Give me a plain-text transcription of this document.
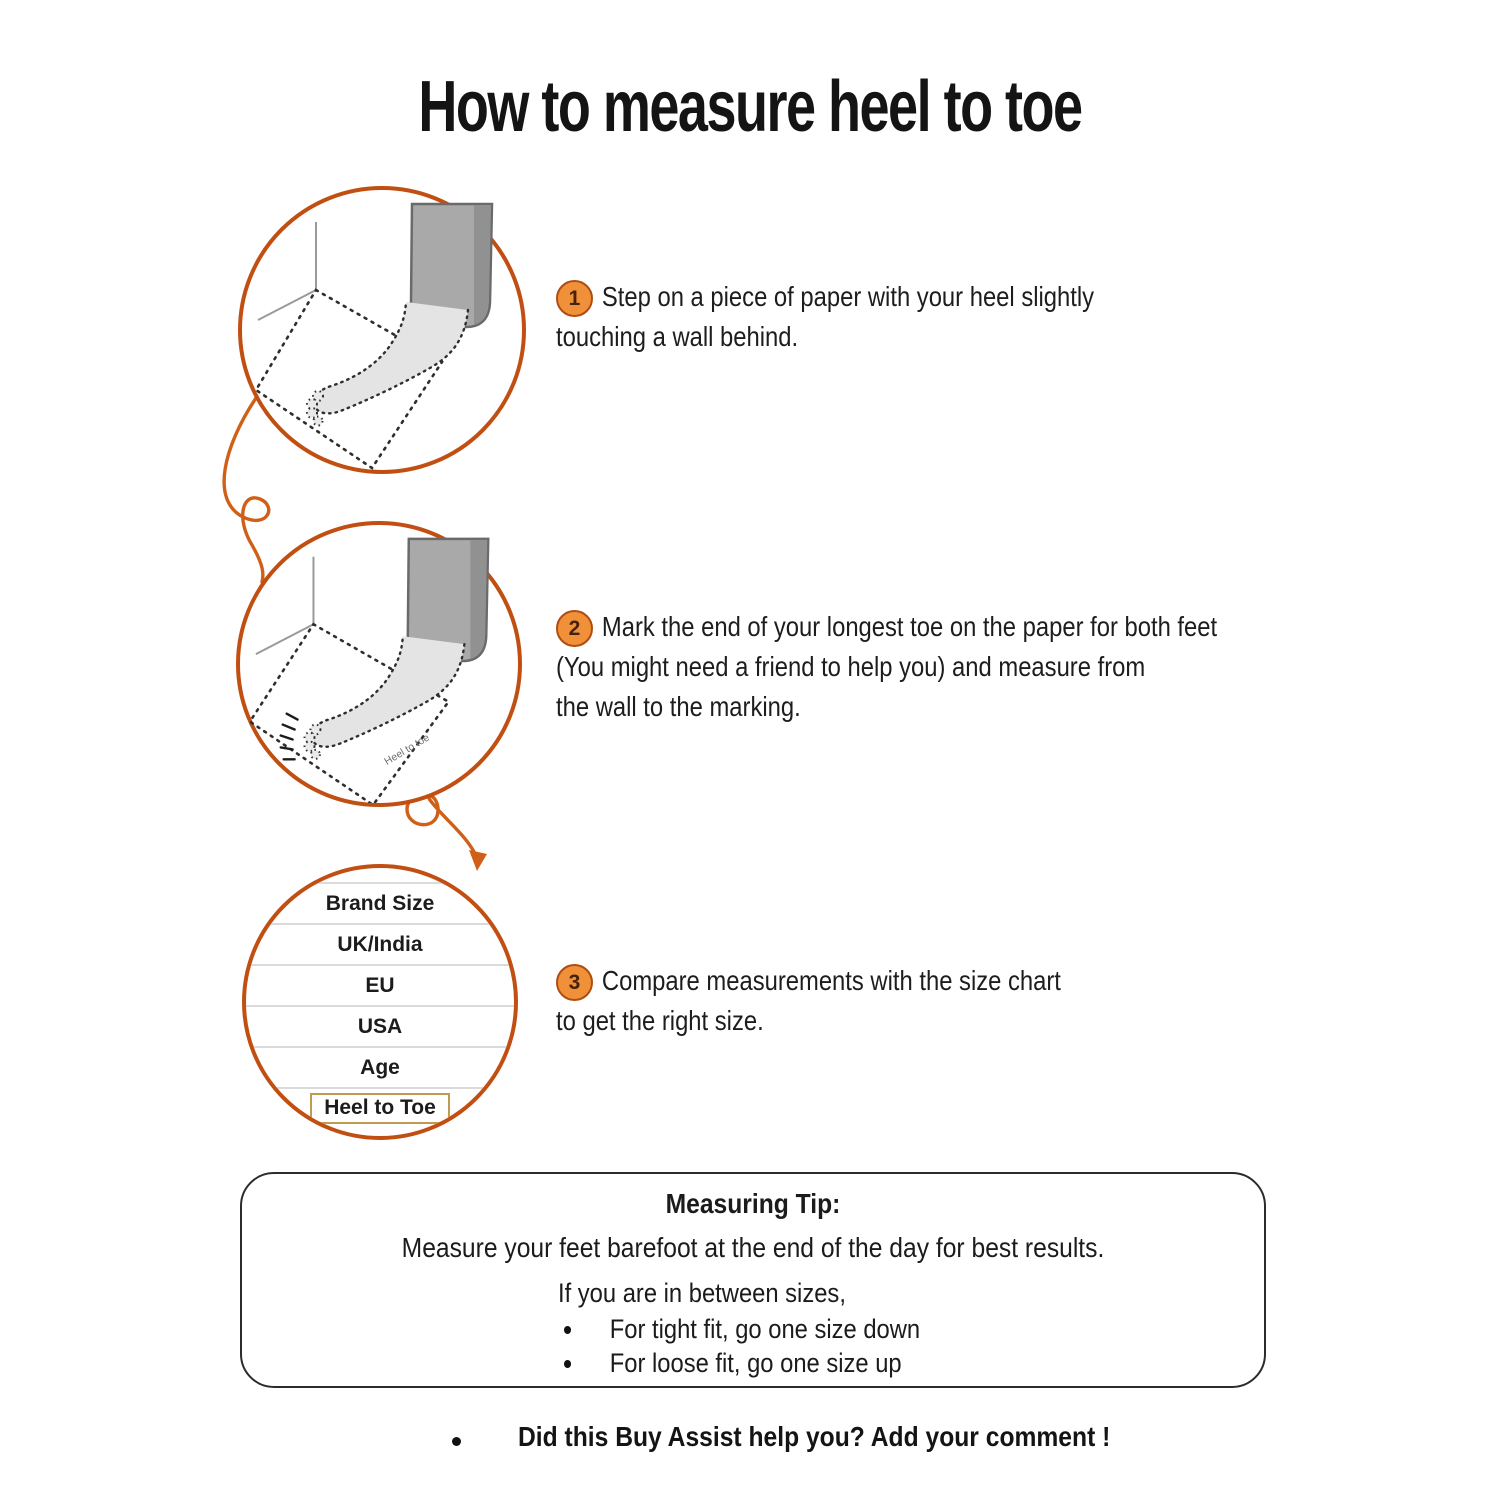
How to measure heel to toe
Heel to toe
Brand Size
UK/India
EU
USA
Age
Heel to Toe
1 Step on a piece of paper with your heel slightly
touching a wall behind.
2 Mark the end of your longest toe on the paper for both feet
(You might need a friend to help you) and measure from
the wall to the marking.
3 Compare measurements with the size chart
to get the right size.
Measuring Tip:
Measure your feet barefoot at the end of the day for best results.
If you are in between sizes,
For tight fit, go one size down
For loose fit, go one size up
Did this Buy Assist help you? Add your comment !
